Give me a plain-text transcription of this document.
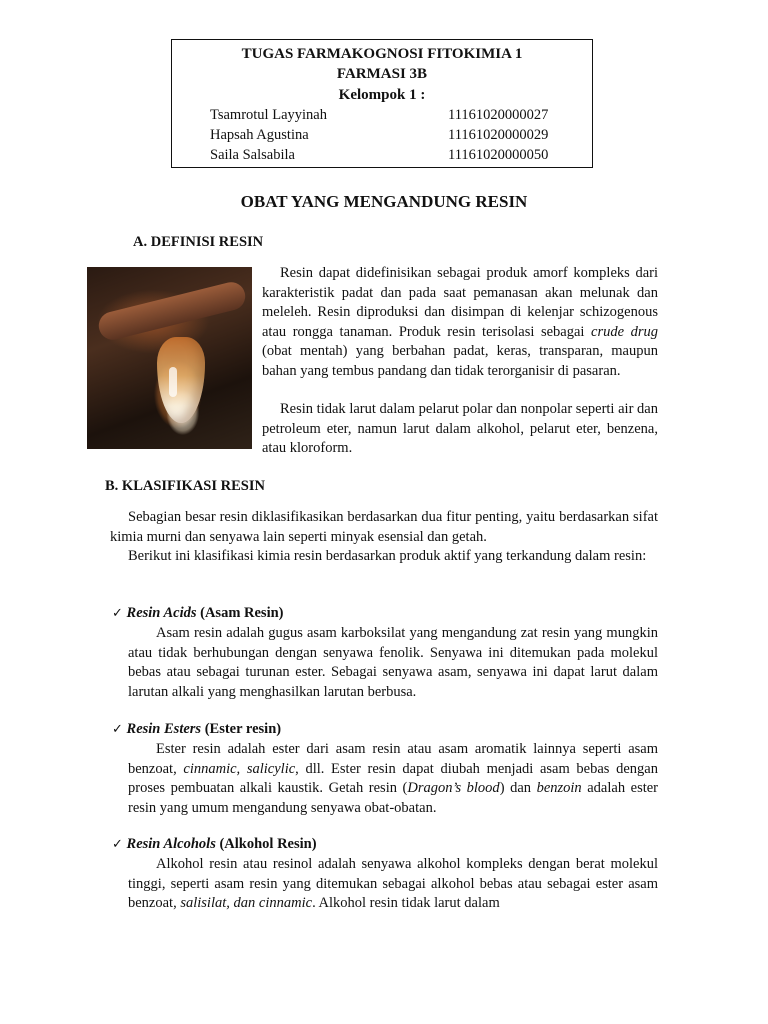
TUGAS FARMAKOGNOSI FITOKIMIA 1
FARMASI 3B
Kelompok 1 :
Tsamrotul Layyinah	11161020000027
Hapsah Agustina	11161020000029
Saila Salsabila	11161020000050
OBAT YANG MENGANDUNG RESIN
A. DEFINISI RESIN

Resin dapat didefinisikan sebagai produk amorf kompleks dari karakteristik padat dan pada saat pemanasan akan melunak dan meleleh. Resin diproduksi dan disimpan di kelenjar schizogenous atau rongga tanaman. Produk resin terisolasi sebagai crude drug (obat mentah) yang berbahan padat, keras, transparan, maupun bahan yang tembus pandang dan tidak terorganisir di pasaran.

Resin tidak larut dalam pelarut polar dan nonpolar seperti air dan petroleum eter, namun larut dalam alkohol, pelarut eter, benzena, atau kloroform.

B. KLASIFIKASI RESIN

Sebagian besar resin diklasifikasikan berdasarkan dua fitur penting, yaitu berdasarkan sifat kimia murni dan senyawa lain seperti minyak esensial dan getah.

Berikut ini klasifikasi kimia resin berdasarkan produk aktif yang terkandung dalam resin:

✓ Resin Acids (Asam Resin)

Asam resin adalah gugus asam karboksilat yang mengandung zat resin yang mungkin atau tidak berhubungan dengan senyawa fenolik. Senyawa ini ditemukan pada molekul bebas atau sebagai turunan ester. Sebagai senyawa asam, senyawa ini dapat larut dalam larutan alkali yang menghasilkan larutan berbusa.

✓ Resin Esters (Ester resin)

Ester resin adalah ester dari asam resin atau asam aromatik lainnya seperti asam benzoat, cinnamic, salicylic, dll. Ester resin dapat diubah menjadi asam bebas dengan proses pembuatan alkali kaustik. Getah resin (Dragon’s blood) dan benzoin adalah ester resin yang umum mengandung senyawa obat-obatan.

✓ Resin Alcohols (Alkohol Resin)

Alkohol resin atau resinol adalah senyawa alkohol kompleks dengan berat molekul tinggi, seperti asam resin yang ditemukan sebagai alkohol bebas atau sebagai ester asam benzoat, salisilat, dan cinnamic. Alkohol resin tidak larut dalam
